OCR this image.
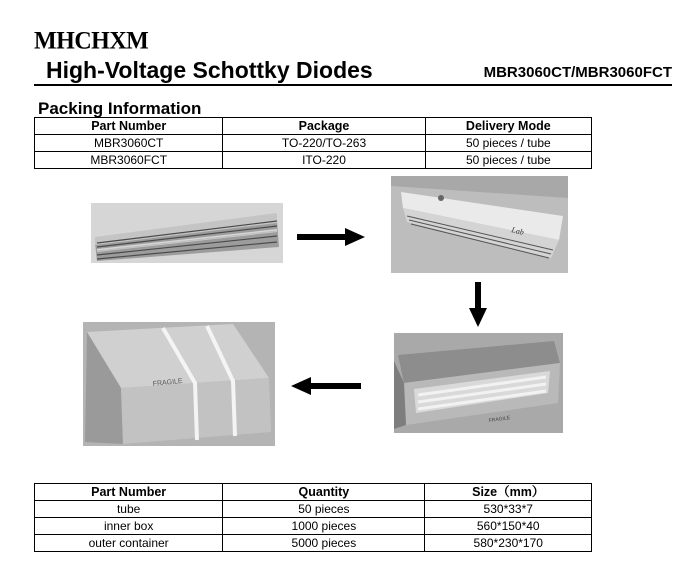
MHCHXM
High-Voltage Schottky Diodes	MBR3060CT/MBR3060FCT
Packing Information
Part Number	Package	Delivery Mode
MBR3060CT	TO-220/TO-263	50 pieces / tube
MBR3060FCT	ITO-220	50 pieces / tube
Lab
FRAGILE
FRAGILE
Part Number	Quantity	Size（mm）
tube	50 pieces	530*33*7
inner box	1000 pieces	560*150*40
outer container	5000 pieces	580*230*170
